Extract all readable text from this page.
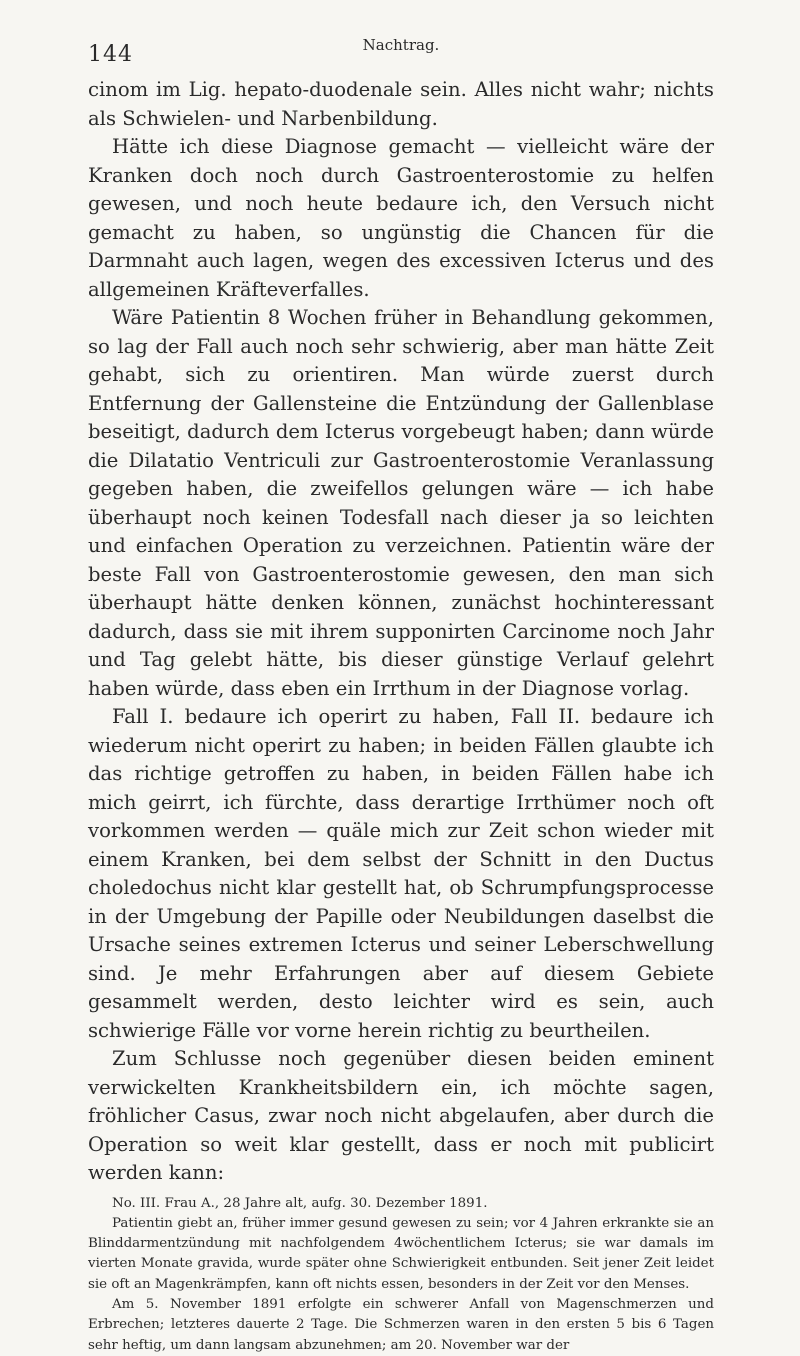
144	Nachtrag.

cinom im Lig. hepato-duodenale sein. Alles nicht wahr; nichts als Schwielen- und Narbenbildung.

Hätte ich diese Diagnose gemacht — vielleicht wäre der Kranken doch noch durch Gastroenterostomie zu helfen gewesen, und noch heute bedaure ich, den Versuch nicht gemacht zu haben, so ungünstig die Chancen für die Darmnaht auch lagen, wegen des excessiven Icterus und des allgemeinen Kräfteverfalles.

Wäre Patientin 8 Wochen früher in Behandlung gekommen, so lag der Fall auch noch sehr schwierig, aber man hätte Zeit gehabt, sich zu orientiren. Man würde zuerst durch Entfernung der Gallensteine die Entzündung der Gallenblase beseitigt, dadurch dem Icterus vorgebeugt haben; dann würde die Dilatatio Ventriculi zur Gastroenterostomie Veranlassung gegeben haben, die zweifellos gelungen wäre — ich habe überhaupt noch keinen Todesfall nach dieser ja so leichten und einfachen Operation zu verzeichnen. Patientin wäre der beste Fall von Gastroenterostomie gewesen, den man sich überhaupt hätte denken können, zunächst hochinteressant dadurch, dass sie mit ihrem supponirten Carcinome noch Jahr und Tag gelebt hätte, bis dieser günstige Verlauf gelehrt haben würde, dass eben ein Irrthum in der Diagnose vorlag.

Fall I. bedaure ich operirt zu haben, Fall II. bedaure ich wiederum nicht operirt zu haben; in beiden Fällen glaubte ich das richtige getroffen zu haben, in beiden Fällen habe ich mich geirrt, ich fürchte, dass derartige Irrthümer noch oft vorkommen werden — quäle mich zur Zeit schon wieder mit einem Kranken, bei dem selbst der Schnitt in den Ductus choledochus nicht klar gestellt hat, ob Schrumpfungsprocesse in der Umgebung der Papille oder Neubildungen daselbst die Ursache seines extremen Icterus und seiner Leberschwellung sind. Je mehr Erfahrungen aber auf diesem Gebiete gesammelt werden, desto leichter wird es sein, auch schwierige Fälle vor vorne herein richtig zu beurtheilen.

Zum Schlusse noch gegenüber diesen beiden eminent verwickelten Krankheitsbildern ein, ich möchte sagen, fröhlicher Casus, zwar noch nicht abgelaufen, aber durch die Operation so weit klar gestellt, dass er noch mit publicirt werden kann:

No. III. Frau A., 28 Jahre alt, aufg. 30. Dezember 1891.

Patientin giebt an, früher immer gesund gewesen zu sein; vor 4 Jahren erkrankte sie an Blinddarmentzündung mit nachfolgendem 4wöchentlichem Icterus; sie war damals im vierten Monate gravida, wurde später ohne Schwierigkeit entbunden. Seit jener Zeit leidet sie oft an Magenkrämpfen, kann oft nichts essen, besonders in der Zeit vor den Menses.

Am 5. November 1891 erfolgte ein schwerer Anfall von Magenschmerzen und Erbrechen; letzteres dauerte 2 Tage. Die Schmerzen waren in den ersten 5 bis 6 Tagen sehr heftig, um dann langsam abzunehmen; am 20. November war der
